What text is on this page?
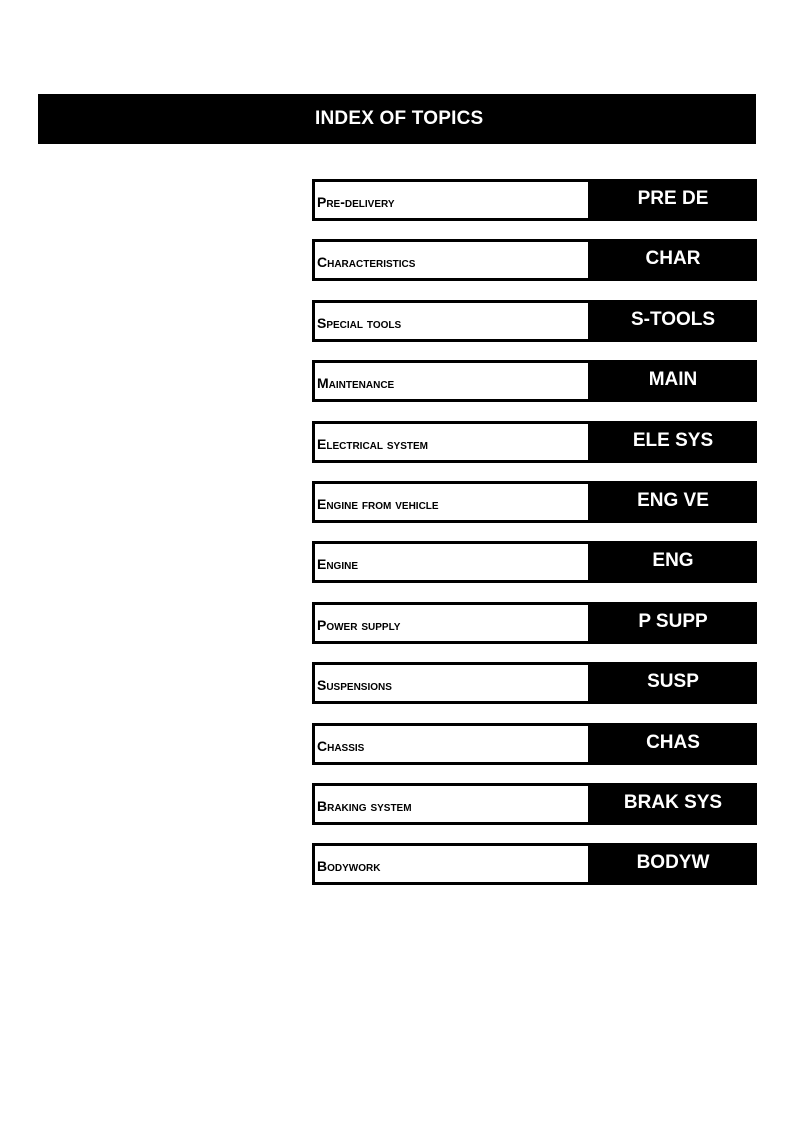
INDEX OF TOPICS
Pre-delivery	PRE DE
Characteristics	CHAR
Special tools	S-TOOLS
Maintenance	MAIN
Electrical system	ELE SYS
Engine from vehicle	ENG VE
Engine	ENG
Power supply	P SUPP
Suspensions	SUSP
Chassis	CHAS
Braking system	BRAK SYS
Bodywork	BODYW
